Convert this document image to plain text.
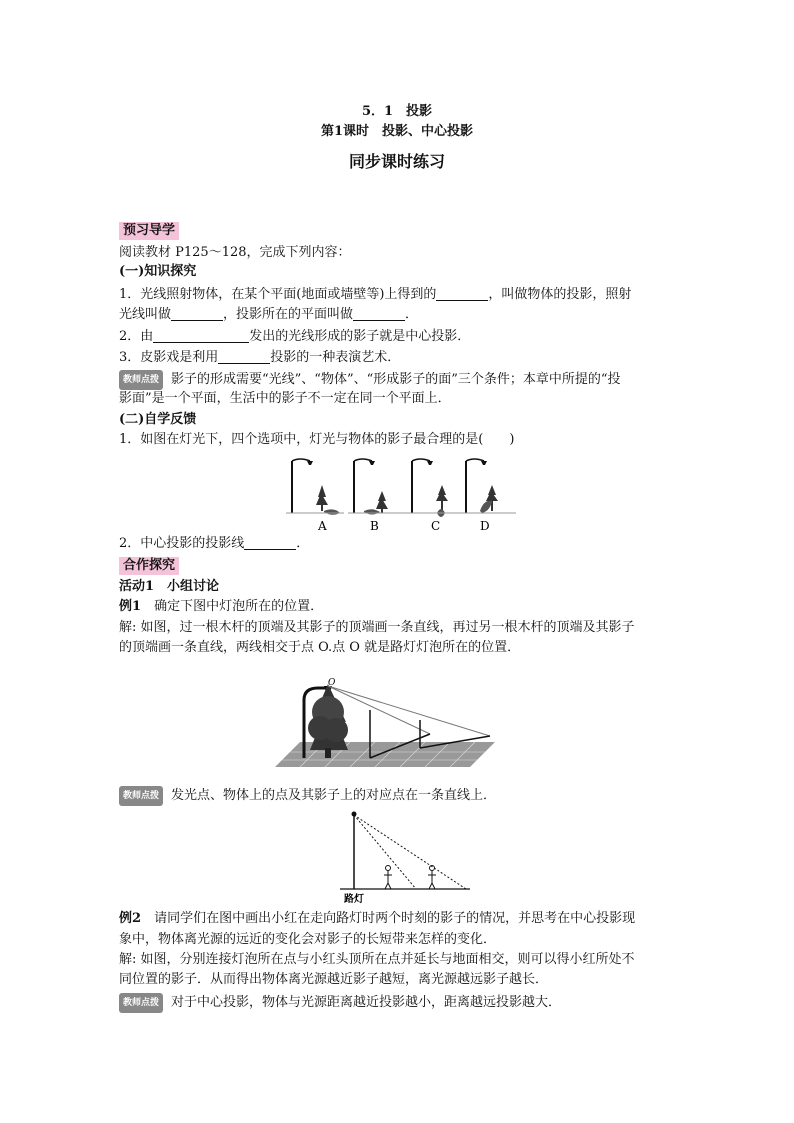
5．1　投影
第1课时　投影、中心投影
同步课时练习
预习导学
阅读教材 P125～128，完成下列内容：
(一)知识探究
1．光线照射物体，在某个平面(地面或墙壁等)上得到的	，叫做物体的投影，照射
光线叫做	，投影所在的平面叫做	．
2．由	发出的光线形成的影子就是中心投影．
3．皮影戏是利用	投影的一种表演艺术．
教师点拨 影子的形成需要“光线”、“物体”、“形成影子的面”三个条件；本章中所提的“投
影面”是一个平面，生活中的影子不一定在同一个平面上．
(二)自学反馈
1．如图在灯光下，四个选项中，灯光与物体的影子最合理的是(　　)
A	B	C	D
2．中心投影的投影线	．
合作探究
活动1　小组讨论
例1　 确定下图中灯泡所在的位置．
解: 如图，过一根木杆的顶端及其影子的顶端画一条直线，再过另一根木杆的顶端及其影子
的顶端画一条直线，两线相交于点 O.点 O 就是路灯灯泡所在的位置．
O
教师点拨 发光点、物体上的点及其影子上的对应点在一条直线上．
路灯
例2　 请同学们在图中画出小红在走向路灯时两个时刻的影子的情况，并思考在中心投影现
象中，物体离光源的远近的变化会对影子的长短带来怎样的变化．
解: 如图，分别连接灯泡所在点与小红头顶所在点并延长与地面相交，则可以得小红所处不
同位置的影子．从而得出物体离光源越近影子越短，离光源越远影子越长．
教师点拨 对于中心投影，物体与光源距离越近投影越小，距离越远投影越大．
